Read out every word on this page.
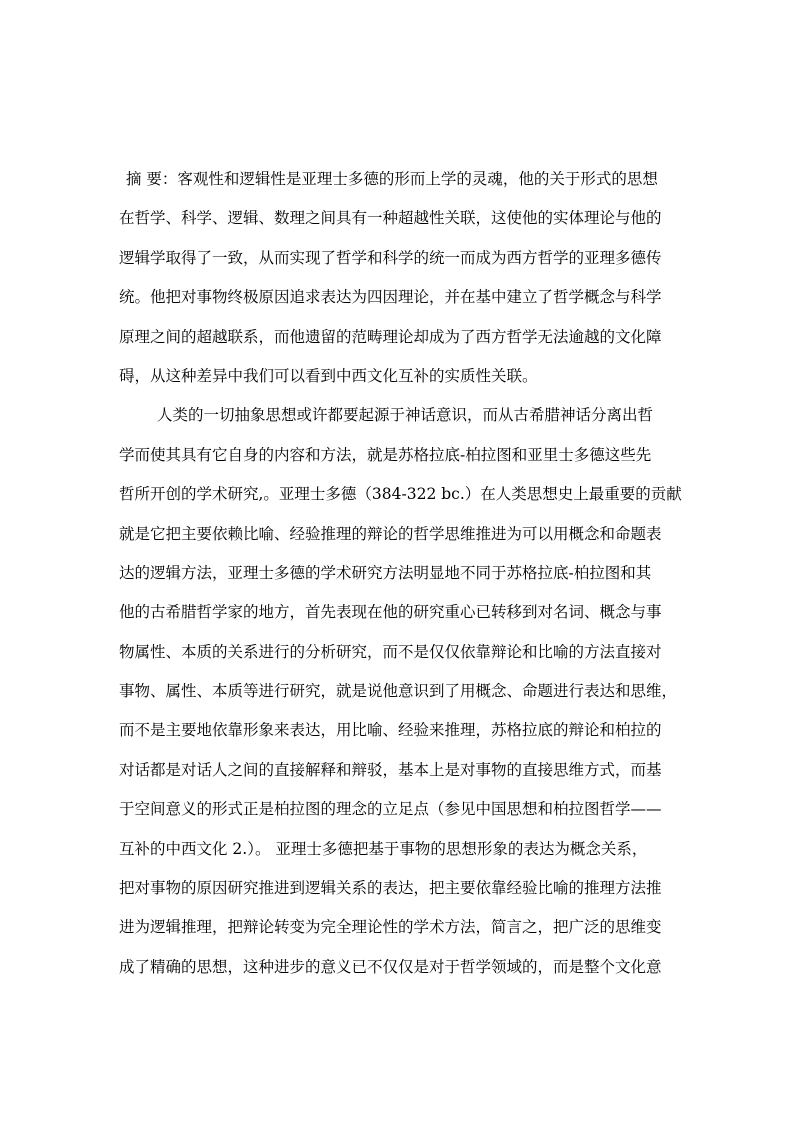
摘 要：客观性和逻辑性是亚理士多德的形而上学的灵魂，他的关于形式的思想
在哲学、科学、逻辑、数理之间具有一种超越性关联，这使他的实体理论与他的
逻辑学取得了一致，从而实现了哲学和科学的统一而成为西方哲学的亚理多德传
统。他把对事物终极原因追求表达为四因理论，并在基中建立了哲学概念与科学
原理之间的超越联系，而他遗留的范畴理论却成为了西方哲学无法逾越的文化障
碍，从这种差异中我们可以看到中西文化互补的实质性关联。
人类的一切抽象思想或许都要起源于神话意识，而从古希腊神话分离出哲
学而使其具有它自身的内容和方法，就是苏格拉底-柏拉图和亚里士多德这些先
哲所开创的学术研究,。亚理士多德（384-322 bc.）在人类思想史上最重要的贡献
就是它把主要依赖比喻、经验推理的辩论的哲学思维推进为可以用概念和命题表
达的逻辑方法，亚理士多德的学术研究方法明显地不同于苏格拉底-柏拉图和其
他的古希腊哲学家的地方，首先表现在他的研究重心已转移到对名词、概念与事
物属性、本质的关系进行的分析研究，而不是仅仅依靠辩论和比喻的方法直接对
事物、属性、本质等进行研究，就是说他意识到了用概念、命题进行表达和思维，
而不是主要地依靠形象来表达，用比喻、经验来推理，苏格拉底的辩论和柏拉的
对话都是对话人之间的直接解释和辩驳，基本上是对事物的直接思维方式，而基
于空间意义的形式正是柏拉图的理念的立足点（参见中国思想和柏拉图哲学——
互补的中西文化 2.）。 亚理士多德把基于事物的思想形象的表达为概念关系，
把对事物的原因研究推进到逻辑关系的表达，把主要依靠经验比喻的推理方法推
进为逻辑推理，把辩论转变为完全理论性的学术方法，简言之，把广泛的思维变
成了精确的思想，这种进步的意义已不仅仅是对于哲学领域的，而是整个文化意
